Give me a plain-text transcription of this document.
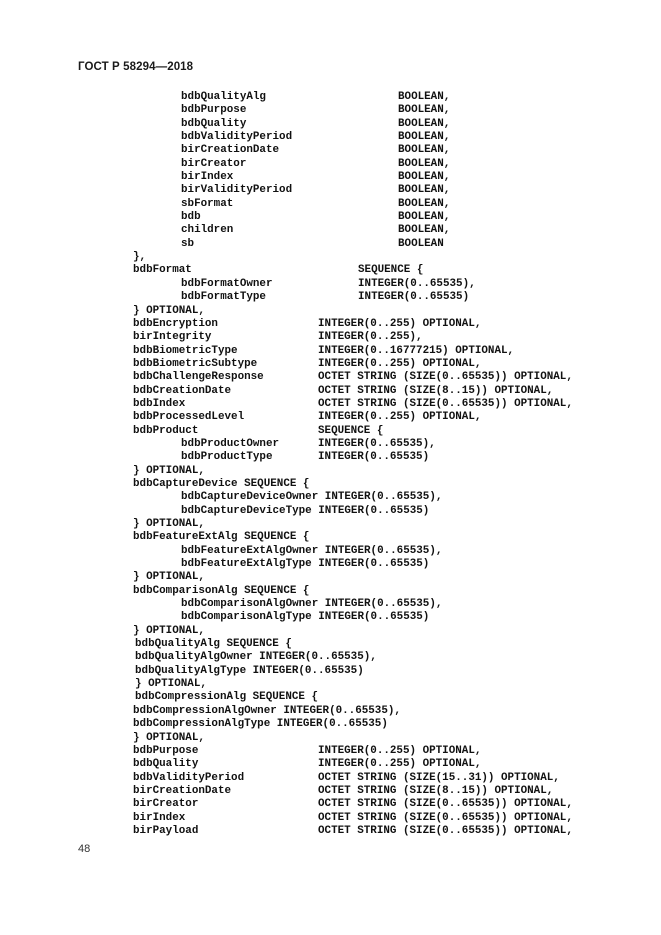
ГОСТ Р 58294—2018
bdbQualityAlg	BOOLEAN,
bdbPurpose	BOOLEAN,
bdbQuality	BOOLEAN,
bdbValidityPeriod	BOOLEAN,
birCreationDate	BOOLEAN,
birCreator	BOOLEAN,
birIndex	BOOLEAN,
birValidityPeriod	BOOLEAN,
sbFormat	BOOLEAN,
bdb	BOOLEAN,
children	BOOLEAN,
sb	BOOLEAN
},
bdbFormat	SEQUENCE {
bdbFormatOwner	INTEGER(0..65535),
bdbFormatType	INTEGER(0..65535)
} OPTIONAL,
bdbEncryption	INTEGER(0..255) OPTIONAL,
birIntegrity	INTEGER(0..255),
bdbBiometricType	INTEGER(0..16777215) OPTIONAL,
bdbBiometricSubtype	INTEGER(0..255) OPTIONAL,
bdbChallengeResponse	OCTET STRING (SIZE(0..65535)) OPTIONAL,
bdbCreationDate	OCTET STRING (SIZE(8..15)) OPTIONAL,
bdbIndex	OCTET STRING (SIZE(0..65535)) OPTIONAL,
bdbProcessedLevel	INTEGER(0..255) OPTIONAL,
bdbProduct	SEQUENCE {
bdbProductOwner	INTEGER(0..65535),
bdbProductType	INTEGER(0..65535)
} OPTIONAL,
bdbCaptureDevice SEQUENCE {
bdbCaptureDeviceOwner INTEGER(0..65535),
bdbCaptureDeviceType INTEGER(0..65535)
} OPTIONAL,
bdbFeatureExtAlg SEQUENCE {
bdbFeatureExtAlgOwner INTEGER(0..65535),
bdbFeatureExtAlgType INTEGER(0..65535)
} OPTIONAL,
bdbComparisonAlg SEQUENCE {
bdbComparisonAlgOwner INTEGER(0..65535),
bdbComparisonAlgType INTEGER(0..65535)
} OPTIONAL,
bdbQualityAlg SEQUENCE {
bdbQualityAlgOwner INTEGER(0..65535),
bdbQualityAlgType INTEGER(0..65535)
} OPTIONAL,
bdbCompressionAlg SEQUENCE {
bdbCompressionAlgOwner INTEGER(0..65535),
bdbCompressionAlgType INTEGER(0..65535)
} OPTIONAL,
bdbPurpose	INTEGER(0..255) OPTIONAL,
bdbQuality	INTEGER(0..255) OPTIONAL,
bdbValidityPeriod	OCTET STRING (SIZE(15..31)) OPTIONAL,
birCreationDate	OCTET STRING (SIZE(8..15)) OPTIONAL,
birCreator	OCTET STRING (SIZE(0..65535)) OPTIONAL,
birIndex	OCTET STRING (SIZE(0..65535)) OPTIONAL,
birPayload	OCTET STRING (SIZE(0..65535)) OPTIONAL,
48
